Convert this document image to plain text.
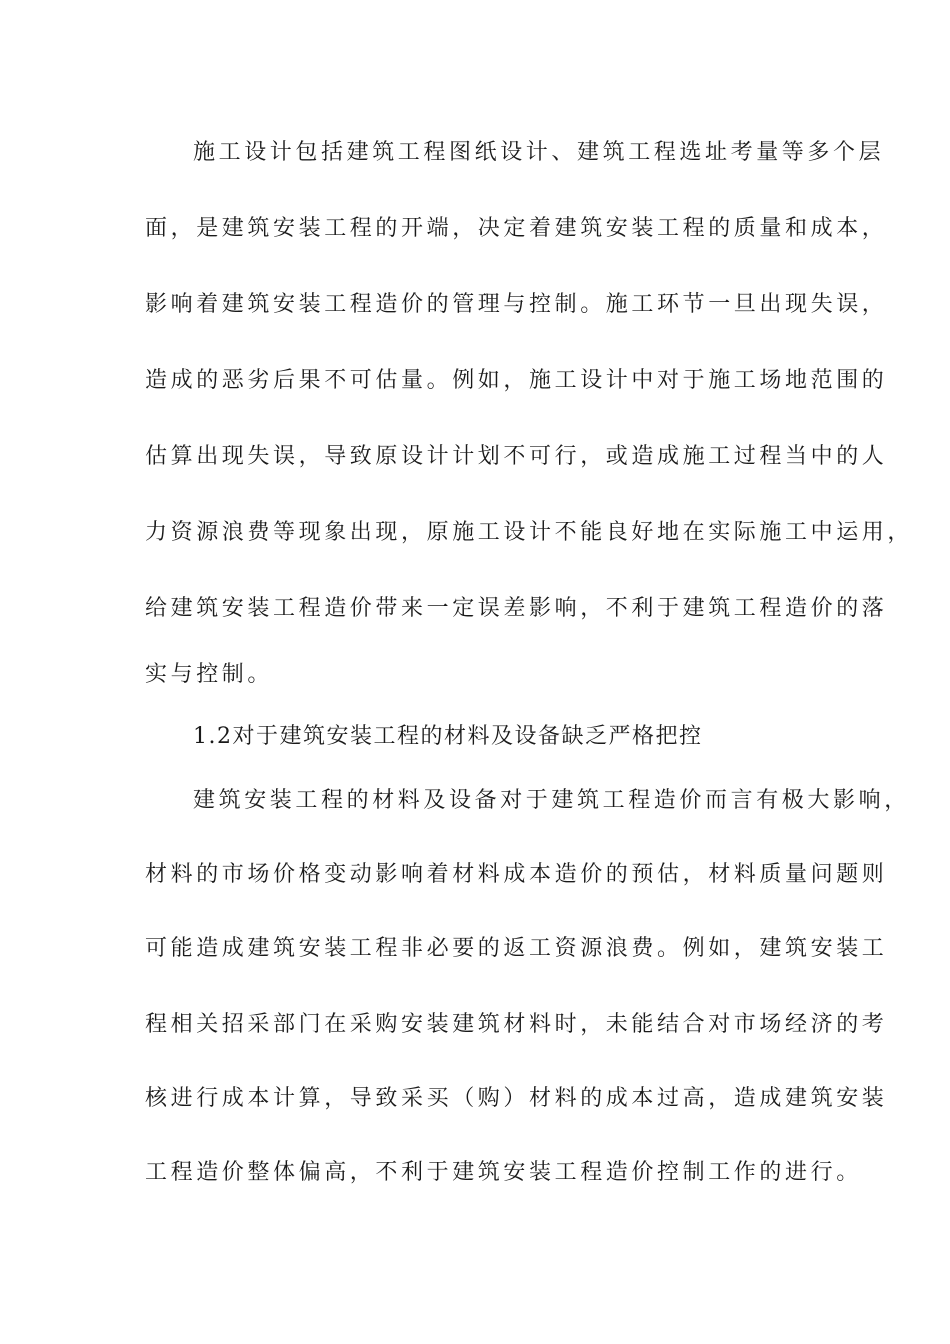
施工设计包括建筑工程图纸设计、建筑工程选址考量等多个层
面，是建筑安装工程的开端，决定着建筑安装工程的质量和成本，
影响着建筑安装工程造价的管理与控制。施工环节一旦出现失误，
造成的恶劣后果不可估量。例如，施工设计中对于施工场地范围的
估算出现失误，导致原设计计划不可行，或造成施工过程当中的人
力资源浪费等现象出现，原施工设计不能良好地在实际施工中运用，
给建筑安装工程造价带来一定误差影响，不利于建筑工程造价的落
实与控制。
1.2对于建筑安装工程的材料及设备缺乏严格把控
建筑安装工程的材料及设备对于建筑工程造价而言有极大影响，
材料的市场价格变动影响着材料成本造价的预估，材料质量问题则
可能造成建筑安装工程非必要的返工资源浪费。例如，建筑安装工
程相关招采部门在采购安装建筑材料时，未能结合对市场经济的考
核进行成本计算，导致采买（购）材料的成本过高，造成建筑安装
工程造价整体偏高，不利于建筑安装工程造价控制工作的进行。
